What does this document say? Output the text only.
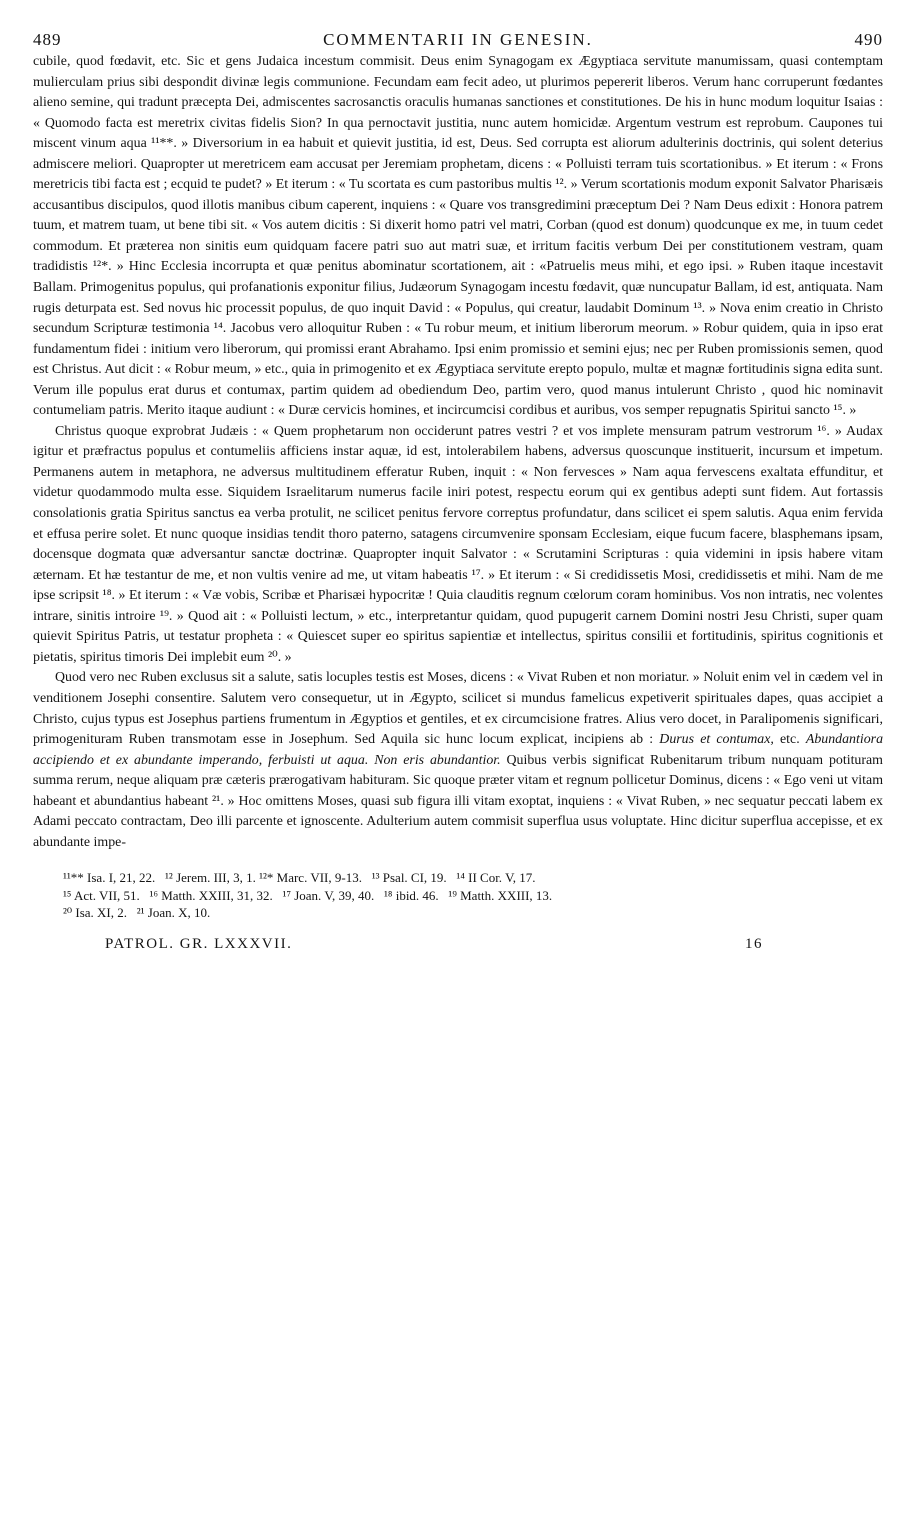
489	COMMENTARII IN GENESIN.	490

cubile, quod fœdavit, etc. Sic et gens Judaica incestum commisit. Deus enim Synagogam ex Ægyptiaca servitute manumissam, quasi contemptam mulierculam prius sibi despondit divinæ legis communione. Fecundam eam fecit adeo, ut plurimos pepererit liberos. Verum hanc corruperunt fœdantes alieno semine, qui tradunt præcepta Dei, admiscentes sacrosanctis oraculis humanas sanctiones et constitutiones. De his in hunc modum loquitur Isaias : « Quomodo facta est meretrix civitas fidelis Sion? In qua pernoctavit justitia, nunc autem homicidæ. Argentum vestrum est reprobum. Caupones tui miscent vinum aqua ¹¹**. » Diversorium in ea habuit et quievit justitia, id est, Deus. Sed corrupta est aliorum adulterinis doctrinis, qui solent deterius admiscere meliori. Quapropter ut meretricem eam accusat per Jeremiam prophetam, dicens : « Polluisti terram tuis scortationibus. » Et iterum : « Frons meretricis tibi facta est ; ecquid te pudet? » Et iterum : « Tu scortata es cum pastoribus multis ¹². » Verum scortationis modum exponit Salvator Pharisæis accusantibus discipulos, quod illotis manibus cibum caperent, inquiens : « Quare vos transgredimini præceptum Dei ? Nam Deus edixit : Honora patrem tuum, et matrem tuam, ut bene tibi sit. « Vos autem dicitis : Si dixerit homo patri vel matri, Corban (quod est donum) quodcunque ex me, in tuum cedet commodum. Et præterea non sinitis eum quidquam facere patri suo aut matri suæ, et irritum facitis verbum Dei per constitutionem vestram, quam tradidistis ¹²*. » Hinc Ecclesia incorrupta et quæ penitus abominatur scortationem, ait : «Patruelis meus mihi, et ego ipsi. » Ruben itaque incestavit Ballam. Primogenitus populus, qui profanationis exponitur filius, Judæorum Synagogam incestu fœdavit, quæ nuncupatur Ballam, id est, antiquata. Nam rugis deturpata est. Sed novus hic processit populus, de quo inquit David : « Populus, qui creatur, laudabit Dominum ¹³. » Nova enim creatio in Christo secundum Scripturæ testimonia ¹⁴. Jacobus vero alloquitur Ruben : « Tu robur meum, et initium liberorum meorum. » Robur quidem, quia in ipso erat fundamentum fidei : initium vero liberorum, qui promissi erant Abrahamo. Ipsi enim promissio et semini ejus; nec per Ruben promissionis semen, quod est Christus. Aut dicit : « Robur meum, » etc., quia in primogenito et ex Ægyptiaca servitute erepto populo, multæ et magnæ fortitudinis signa edita sunt. Verum ille populus erat durus et contumax, partim quidem ad obediendum Deo, partim vero, quod manus intulerunt Christo , quod hic nominavit contumeliam patris. Merito itaque audiunt : « Duræ cervicis homines, et incircumcisi cordibus et auribus, vos semper repugnatis Spiritui sancto ¹⁵. »

Christus quoque exprobrat Judæis : « Quem prophetarum non occiderunt patres vestri ? et vos implete mensuram patrum vestrorum ¹⁶. » Audax igitur et præfractus populus et contumeliis afficiens instar aquæ, id est, intolerabilem habens, adversus quoscunque instituerit, incursum et impetum. Permanens autem in metaphora, ne adversus multitudinem efferatur Ruben, inquit : « Non fervesces » Nam aqua fervescens exaltata effunditur, et videtur quodammodo multa esse. Siquidem Israelitarum numerus facile iniri potest, respectu eorum qui ex gentibus adepti sunt fidem. Aut fortassis consolationis gratia Spiritus sanctus ea verba protulit, ne scilicet penitus fervore correptus profundatur, dans scilicet ei spem salutis. Aqua enim fervida et effusa perire solet. Et nunc quoque insidias tendit thoro paterno, satagens circumvenire sponsam Ecclesiam, eique fucum facere, blasphemans ipsam, docensque dogmata quæ adversantur sanctæ doctrinæ. Quapropter inquit Salvator : « Scrutamini Scripturas : quia videmini in ipsis habere vitam æternam. Et hæ testantur de me, et non vultis venire ad me, ut vitam habeatis ¹⁷. » Et iterum : « Si credidissetis Mosi, credidissetis et mihi. Nam de me ipse scripsit ¹⁸. » Et iterum : « Væ vobis, Scribæ et Pharisæi hypocritæ ! Quia clauditis regnum cœlorum coram hominibus. Vos non intratis, nec volentes intrare, sinitis introire ¹⁹. » Quod ait : « Polluisti lectum, » etc., interpretantur quidam, quod pupugerit carnem Domini nostri Jesu Christi, super quam quievit Spiritus Patris, ut testatur propheta : « Quiescet super eo spiritus sapientiæ et intellectus, spiritus consilii et fortitudinis, spiritus cognitionis et pietatis, spiritus timoris Dei implebit eum ²⁰. »

Quod vero nec Ruben exclusus sit a salute, satis locuples testis est Moses, dicens : « Vivat Ruben et non moriatur. » Noluit enim vel in cædem vel in venditionem Josephi consentire. Salutem vero consequetur, ut in Ægypto, scilicet si mundus famelicus expetiverit spirituales dapes, quas accipiet a Christo, cujus typus est Josephus partiens frumentum in Ægyptios et gentiles, et ex circumcisione fratres. Alius vero docet, in Paralipomenis significari, primogenituram Ruben transmotam esse in Josephum. Sed Aquila sic hunc locum explicat, incipiens ab : Durus et contumax, etc. Abundantiora accipiendo et ex abundante imperando, ferbuisti ut aqua. Non eris abundantior. Quibus verbis significat Rubenitarum tribum nunquam potituram summa rerum, neque aliquam præ cæteris prærogativam habituram. Sic quoque præter vitam et regnum pollicetur Dominus, dicens : « Ego veni ut vitam habeant et abundantius habeant ²¹. » Hoc omittens Moses, quasi sub figura illi vitam exoptat, inquiens : « Vivat Ruben, » nec sequatur peccati labem ex Adami peccato contractam, Deo illi parcente et ignoscente. Adulterium autem commisit superflua usus voluptate. Hinc dicitur superflua accepisse, et ex abundante impe-

¹¹** Isa. I, 21, 22.   ¹² Jerem. III, 3, 1. ¹²* Marc. VII, 9-13.   ¹³ Psal. CI, 19.   ¹⁴ II Cor. V, 17.
¹⁵ Act. VII, 51.   ¹⁶ Matth. XXIII, 31, 32.   ¹⁷ Joan. V, 39, 40.   ¹⁸ ibid. 46.   ¹⁹ Matth. XXIII, 13.
²⁰ Isa. XI, 2.   ²¹ Joan. X, 10.
PATROL. GR. LXXXVII.	16
